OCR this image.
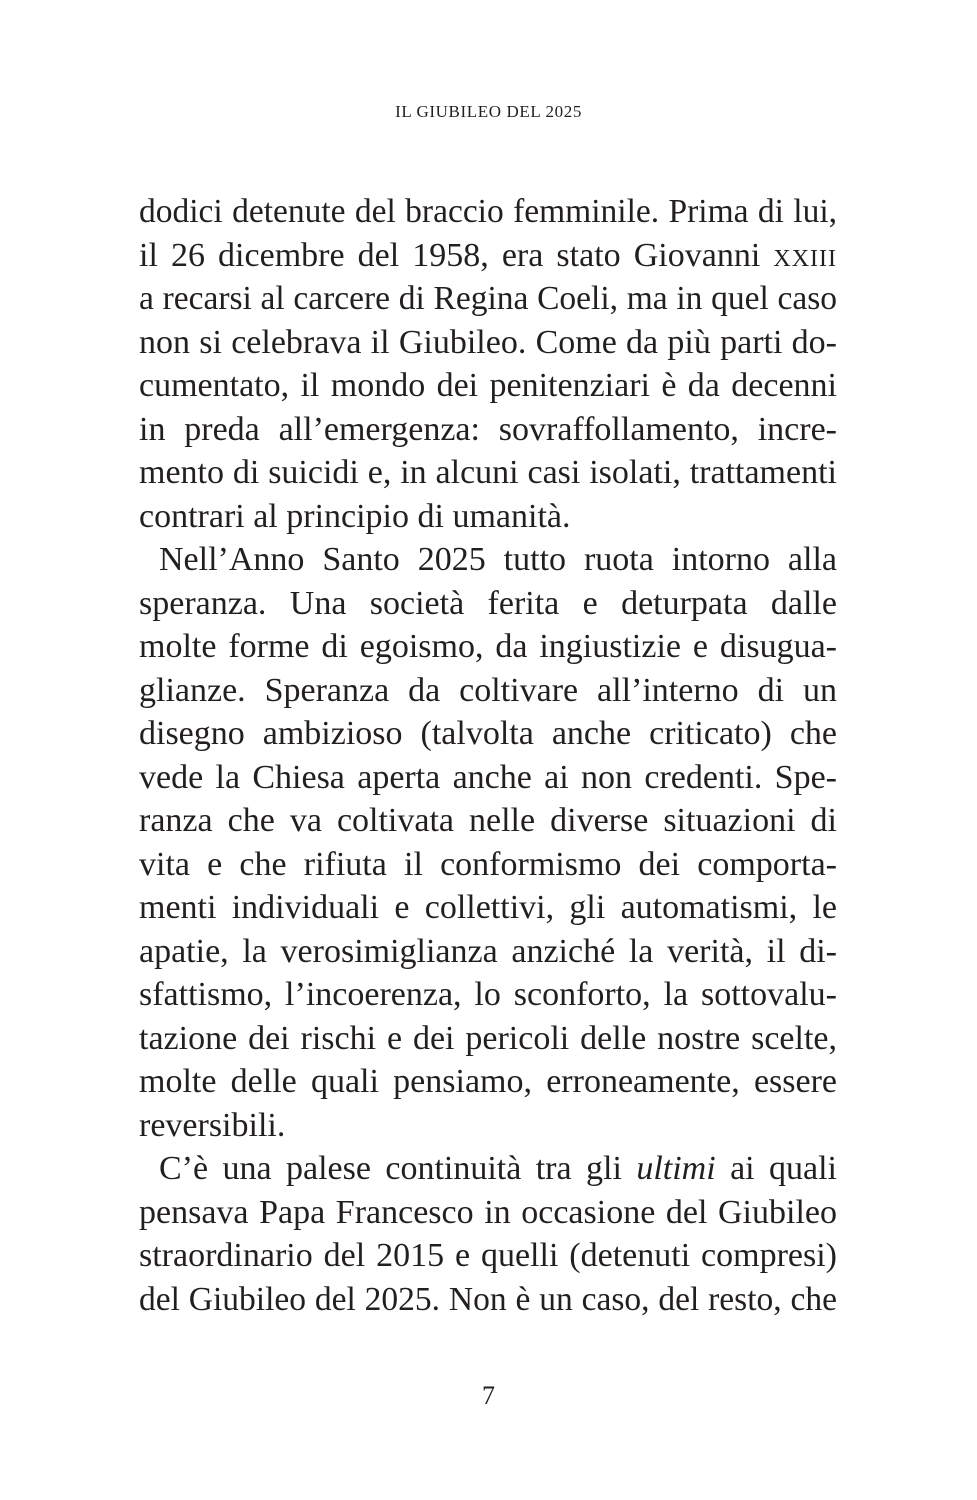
IL GIUBILEO DEL 2025
dodici detenute del braccio femminile. Prima di lui,
il 26 dicembre del 1958, era stato Giovanni xxiii
a recarsi al carcere di Regina Coeli, ma in quel caso
non si celebrava il Giubileo. Come da più parti do-
cumentato, il mondo dei penitenziari è da decenni
in preda all’emergenza: sovraffollamento, incre-
mento di suicidi e, in alcuni casi isolati, trattamenti
contrari al principio di umanità.
Nell’Anno Santo 2025 tutto ruota intorno alla
speranza. Una società ferita e deturpata dalle
molte forme di egoismo, da ingiustizie e disugua-
glianze. Speranza da coltivare all’interno di un
disegno ambizioso (talvolta anche criticato) che
vede la Chiesa aperta anche ai non credenti. Spe-
ranza che va coltivata nelle diverse situazioni di
vita e che rifiuta il conformismo dei comporta-
menti individuali e collettivi, gli automatismi, le
apatie, la verosimiglianza anziché la verità, il di-
sfattismo, l’incoerenza, lo sconforto, la sottovalu-
tazione dei rischi e dei pericoli delle nostre scelte,
molte delle quali pensiamo, erroneamente, essere
reversibili.
C’è una palese continuità tra gli ultimi ai quali
pensava Papa Francesco in occasione del Giubileo
straordinario del 2015 e quelli (detenuti compresi)
del Giubileo del 2025. Non è un caso, del resto, che
7
